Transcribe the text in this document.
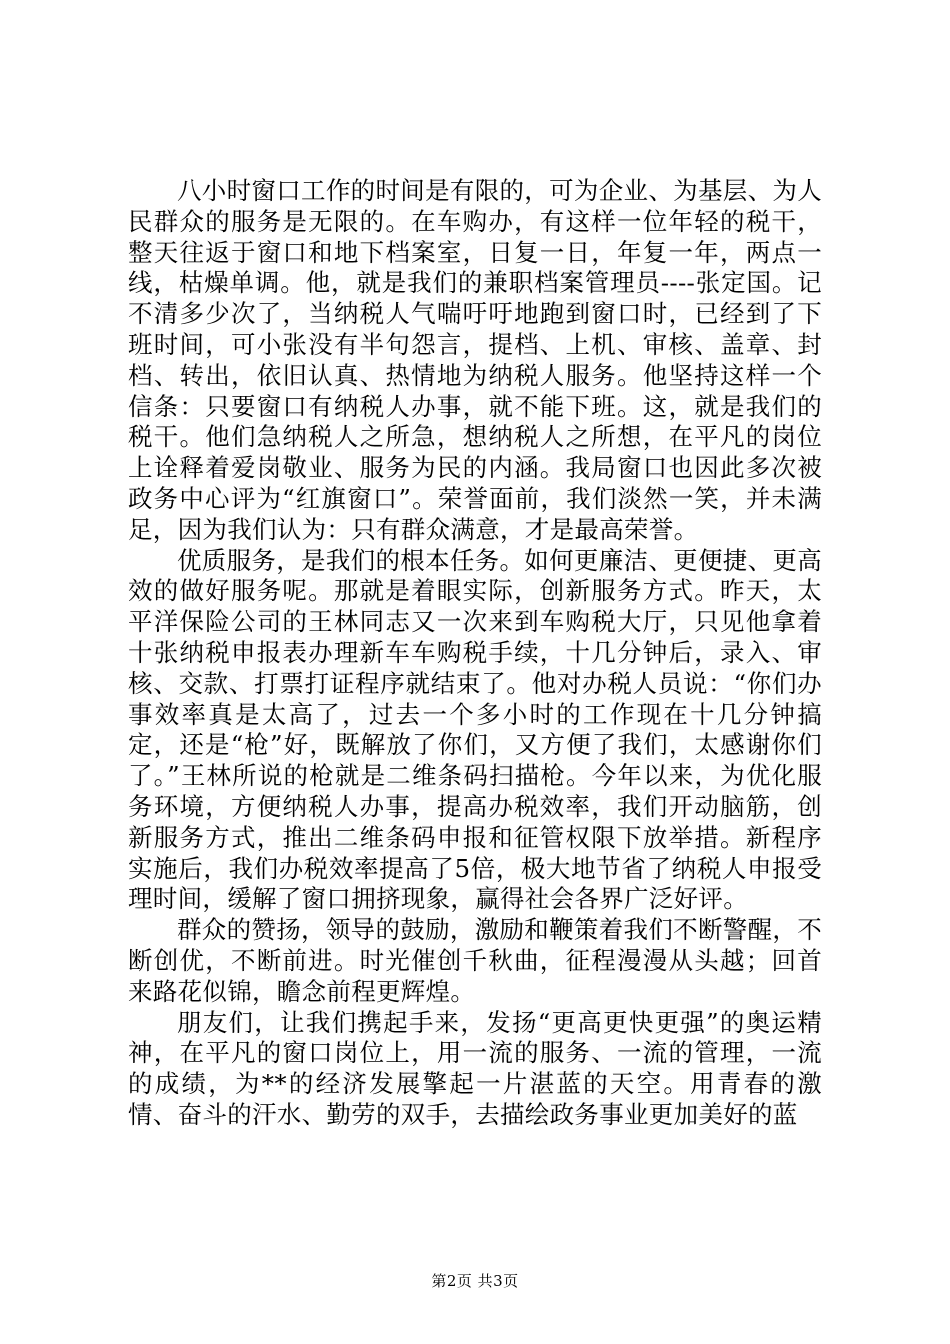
八小时窗口工作的时间是有限的，可为企业、为基层、为人民群众的服务是无限的。在车购办，有这样一位年轻的税干，整天往返于窗口和地下档案室，日复一日，年复一年，两点一线，枯燥单调。他，就是我们的兼职档案管理员----张定国。记不清多少次了，当纳税人气喘吁吁地跑到窗口时，已经到了下班时间，可小张没有半句怨言，提档、上机、审核、盖章、封档、转出，依旧认真、热情地为纳税人服务。他坚持这样一个信条：只要窗口有纳税人办事，就不能下班。这，就是我们的税干。他们急纳税人之所急，想纳税人之所想，在平凡的岗位上诠释着爱岗敬业、服务为民的内涵。我局窗口也因此多次被政务中心评为“红旗窗口”。荣誉面前，我们淡然一笑，并未满足，因为我们认为：只有群众满意，才是最高荣誉。

优质服务，是我们的根本任务。如何更廉洁、更便捷、更高效的做好服务呢。那就是着眼实际，创新服务方式。昨天，太平洋保险公司的王林同志又一次来到车购税大厅，只见他拿着十张纳税申报表办理新车车购税手续，十几分钟后，录入、审核、交款、打票打证程序就结束了。他对办税人员说：“你们办事效率真是太高了，过去一个多小时的工作现在十几分钟搞定，还是“枪”好，既解放了你们，又方便了我们，太感谢你们了。”王林所说的枪就是二维条码扫描枪。今年以来，为优化服务环境，方便纳税人办事，提高办税效率，我们开动脑筋，创新服务方式，推出二维条码申报和征管权限下放举措。新程序实施后，我们办税效率提高了5倍，极大地节省了纳税人申报受理时间，缓解了窗口拥挤现象，赢得社会各界广泛好评。

群众的赞扬，领导的鼓励，激励和鞭策着我们不断警醒，不断创优，不断前进。时光催创千秋曲，征程漫漫从头越；回首来路花似锦，瞻念前程更辉煌。

朋友们，让我们携起手来，发扬“更高更快更强”的奥运精神，在平凡的窗口岗位上，用一流的服务、一流的管理，一流的成绩，为**的经济发展擎起一片湛蓝的天空。用青春的激情、奋斗的汗水、勤劳的双手，去描绘政务事业更加美好的蓝

第2页 共3页
